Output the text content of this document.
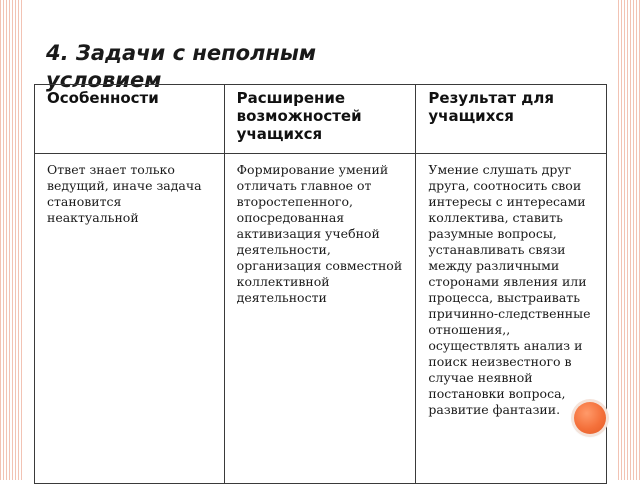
4. Задачи с неполным условием
Особенности	Расширение возможностей учащихся	Результат для учащихся
Ответ знает только ведущий, иначе задача становится неактуальной	Формирование умений отличать главное от второстепенного, опосредованная активизация учебной деятельности, организация совместной коллективной деятельности	Умение слушать друг друга, соотносить свои интересы с интересами коллектива, ставить разумные вопросы, устанавливать связи между различными сторонами явления или процесса, выстраивать причинно-следственные отношения,, осуществлять анализ и поиск неизвестного в случае неявной постановки вопроса, развитие фантазии.
